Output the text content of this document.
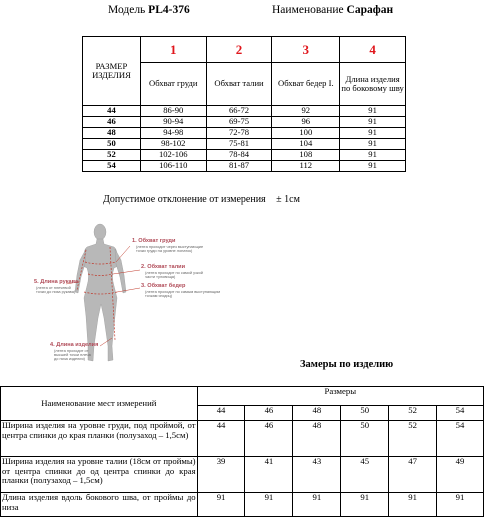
Модель PL4-376	Наименование Сарафан
РАЗМЕР ИЗДЕЛИЯ	1	2	3	4
	Обхват груди	Обхват талии	Обхват бедер I.	Длина изделия по боковому шву
44	86-90	66-72	92	91
46	90-94	69-75	96	91
48	94-98	72-78	100	91
50	98-102	75-81	104	91
52	102-106	78-84	108	91
54	106-110	81-87	112	91
Допустимое отклонение от измерения ± 1см
1. Обхват груди
(лента проходит через выступающие
точки груди на уровне лопаток)
2. Обхват талии
(лента проходит по самой узкой
части туловища)
3. Обхват бедер
(лента проходит по самым выступающим
точкам ягодиц)
5. Длина рукава
(лента от плечевой
точки до низа рукава)
4. Длина изделия
(лента проходит от
высшей точки плеча
до низа изделия)
Замеры по изделию
Наименование мест измерений	Размеры					
	44	46	48	50	52	54
Ширина изделия на уровне груди, под проймой, от центра спинки до края планки (полузаход – 1,5см)	44	46	48	50	52	54
Ширина изделия на уровне талии (18см от проймы) от центра спинки до од центра спинки до края планки (полузаход – 1,5см)	39	41	43	45	47	49
Длина изделия вдоль бокового шва, от проймы до низа	91	91	91	91	91	91
